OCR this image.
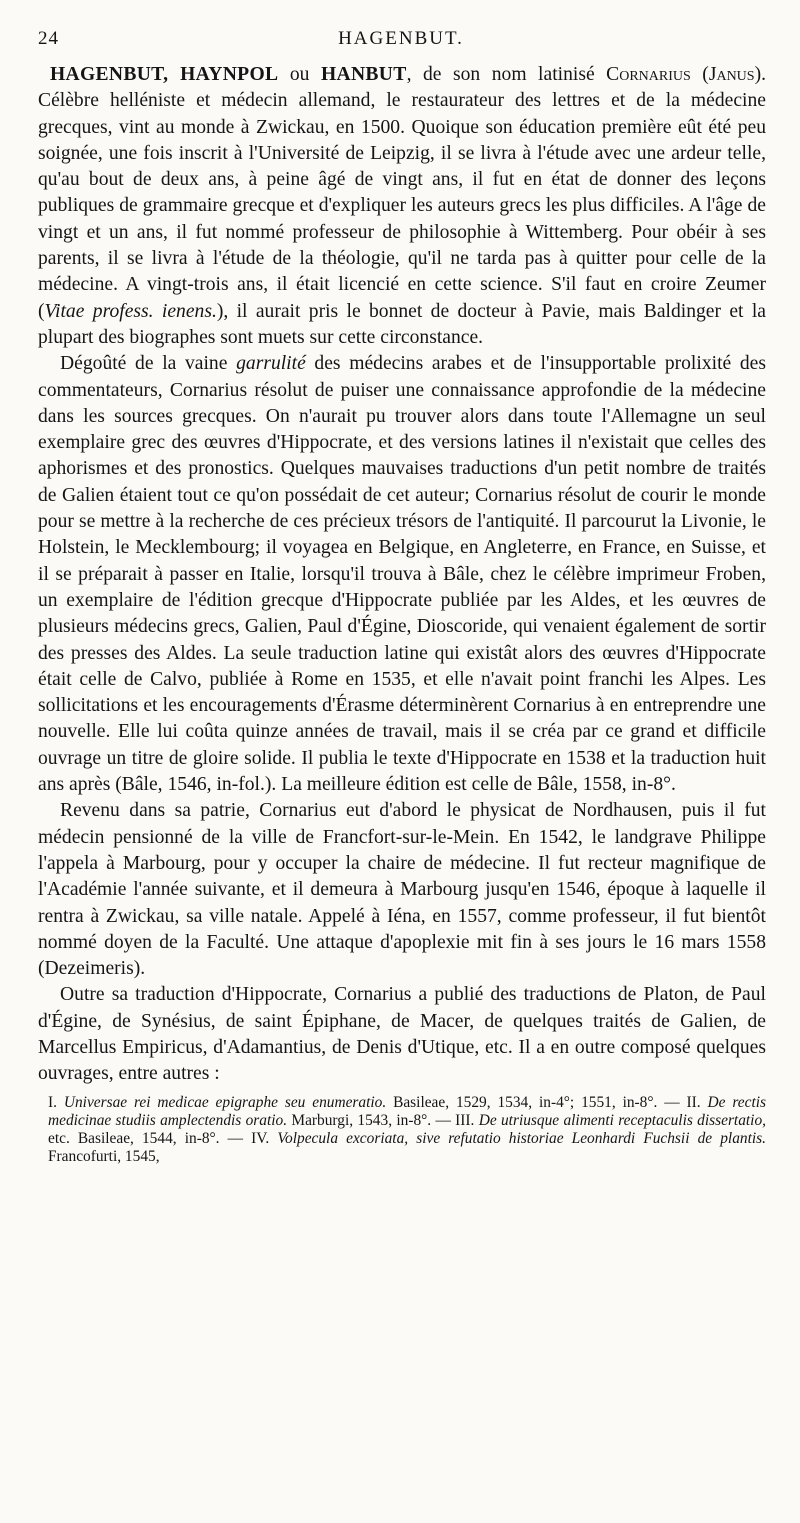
24	HAGENBUT.

HAGENBUT, HAYNPOL ou HANBUT, de son nom latinisé Cornarius (Janus). Célèbre helléniste et médecin allemand, le restaurateur des lettres et de la médecine grecques, vint au monde à Zwickau, en 1500. Quoique son éducation première eût été peu soignée, une fois inscrit à l'Université de Leipzig, il se livra à l'étude avec une ardeur telle, qu'au bout de deux ans, à peine âgé de vingt ans, il fut en état de donner des leçons publiques de grammaire grecque et d'expliquer les auteurs grecs les plus difficiles. A l'âge de vingt et un ans, il fut nommé professeur de philosophie à Wittemberg. Pour obéir à ses parents, il se livra à l'étude de la théologie, qu'il ne tarda pas à quitter pour celle de la médecine. A vingt-trois ans, il était licencié en cette science. S'il faut en croire Zeumer (Vitae profess. ienens.), il aurait pris le bonnet de docteur à Pavie, mais Baldinger et la plupart des biographes sont muets sur cette circonstance.

Dégoûté de la vaine garrulité des médecins arabes et de l'insupportable prolixité des commentateurs, Cornarius résolut de puiser une connaissance approfondie de la médecine dans les sources grecques. On n'aurait pu trouver alors dans toute l'Allemagne un seul exemplaire grec des œuvres d'Hippocrate, et des versions latines il n'existait que celles des aphorismes et des pronostics. Quelques mauvaises traductions d'un petit nombre de traités de Galien étaient tout ce qu'on possédait de cet auteur; Cornarius résolut de courir le monde pour se mettre à la recherche de ces précieux trésors de l'antiquité. Il parcourut la Livonie, le Holstein, le Mecklembourg; il voyagea en Belgique, en Angleterre, en France, en Suisse, et il se préparait à passer en Italie, lorsqu'il trouva à Bâle, chez le célèbre imprimeur Froben, un exemplaire de l'édition grecque d'Hippocrate publiée par les Aldes, et les œuvres de plusieurs médecins grecs, Galien, Paul d'Égine, Dioscoride, qui venaient également de sortir des presses des Aldes. La seule traduction latine qui existât alors des œuvres d'Hippocrate était celle de Calvo, publiée à Rome en 1535, et elle n'avait point franchi les Alpes. Les sollicitations et les encouragements d'Érasme déterminèrent Cornarius à en entreprendre une nouvelle. Elle lui coûta quinze années de travail, mais il se créa par ce grand et difficile ouvrage un titre de gloire solide. Il publia le texte d'Hippocrate en 1538 et la traduction huit ans après (Bâle, 1546, in-fol.). La meilleure édition est celle de Bâle, 1558, in-8°.

Revenu dans sa patrie, Cornarius eut d'abord le physicat de Nordhausen, puis il fut médecin pensionné de la ville de Francfort-sur-le-Mein. En 1542, le landgrave Philippe l'appela à Marbourg, pour y occuper la chaire de médecine. Il fut recteur magnifique de l'Académie l'année suivante, et il demeura à Marbourg jusqu'en 1546, époque à laquelle il rentra à Zwickau, sa ville natale. Appelé à Iéna, en 1557, comme professeur, il fut bientôt nommé doyen de la Faculté. Une attaque d'apoplexie mit fin à ses jours le 16 mars 1558 (Dezeimeris).

Outre sa traduction d'Hippocrate, Cornarius a publié des traductions de Platon, de Paul d'Égine, de Synésius, de saint Épiphane, de Macer, de quelques traités de Galien, de Marcellus Empiricus, d'Adamantius, de Denis d'Utique, etc. Il a en outre composé quelques ouvrages, entre autres :

I. Universae rei medicae epigraphe seu enumeratio. Basileae, 1529, 1534, in-4°; 1551, in-8°. — II. De rectis medicinae studiis amplectendis oratio. Marburgi, 1543, in-8°. — III. De utriusque alimenti receptaculis dissertatio, etc. Basileae, 1544, in-8°. — IV. Volpecula excoriata, sive refutatio historiae Leonhardi Fuchsii de plantis. Francofurti, 1545,
